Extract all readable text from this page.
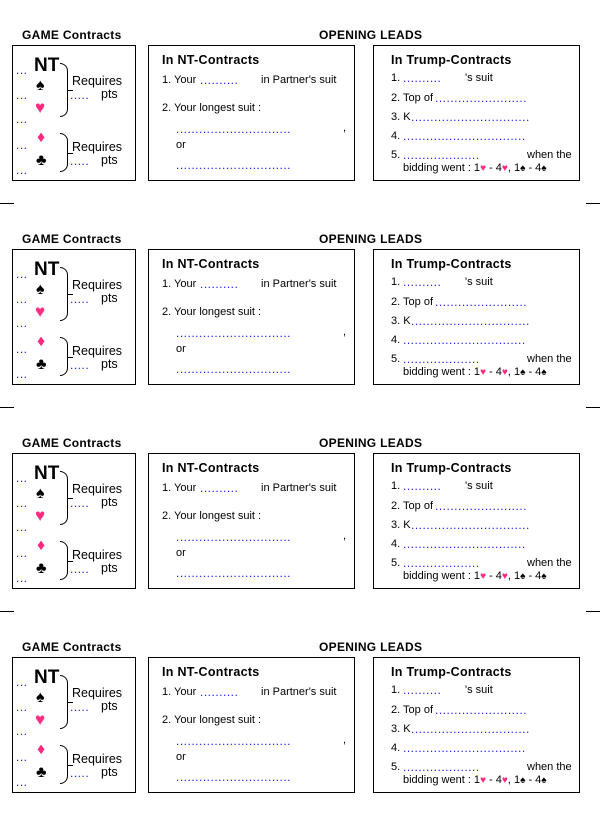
GAME Contracts	OPENING LEADS
... NT
...
♠
...
♥
Requires
..... pts
... ♦
...
♣
Requires
..... pts
In NT-Contracts
1. Your .......... in Partner's suit
2. Your longest suit :
..............................	,
or
..............................
In Trump-Contracts
1. .......... 's suit
2. Top of ........................
3. K ...............................
4. ................................
5. ....................	when the
bidding went : 1♥ - 4♥, 1♠ - 4♠
GAME Contracts	OPENING LEADS
... NT
...
♠
...
♥
Requires
..... pts
... ♦
...
♣
Requires
..... pts
In NT-Contracts
1. Your .......... in Partner's suit
2. Your longest suit :
..............................	,
or
..............................
In Trump-Contracts
1. .......... 's suit
2. Top of ........................
3. K ...............................
4. ................................
5. ....................	when the
bidding went : 1♥ - 4♥, 1♠ - 4♠
GAME Contracts	OPENING LEADS
... NT
...
♠
...
♥
Requires
..... pts
... ♦
...
♣
Requires
..... pts
In NT-Contracts
1. Your .......... in Partner's suit
2. Your longest suit :
..............................	,
or
..............................
In Trump-Contracts
1. .......... 's suit
2. Top of ........................
3. K ...............................
4. ................................
5. ....................	when the
bidding went : 1♥ - 4♥, 1♠ - 4♠
GAME Contracts	OPENING LEADS
... NT
...
♠
...
♥
Requires
..... pts
... ♦
...
♣
Requires
..... pts
In NT-Contracts
1. Your .......... in Partner's suit
2. Your longest suit :
..............................	,
or
..............................
In Trump-Contracts
1. .......... 's suit
2. Top of ........................
3. K ...............................
4. ................................
5. ....................	when the
bidding went : 1♥ - 4♥, 1♠ - 4♠
